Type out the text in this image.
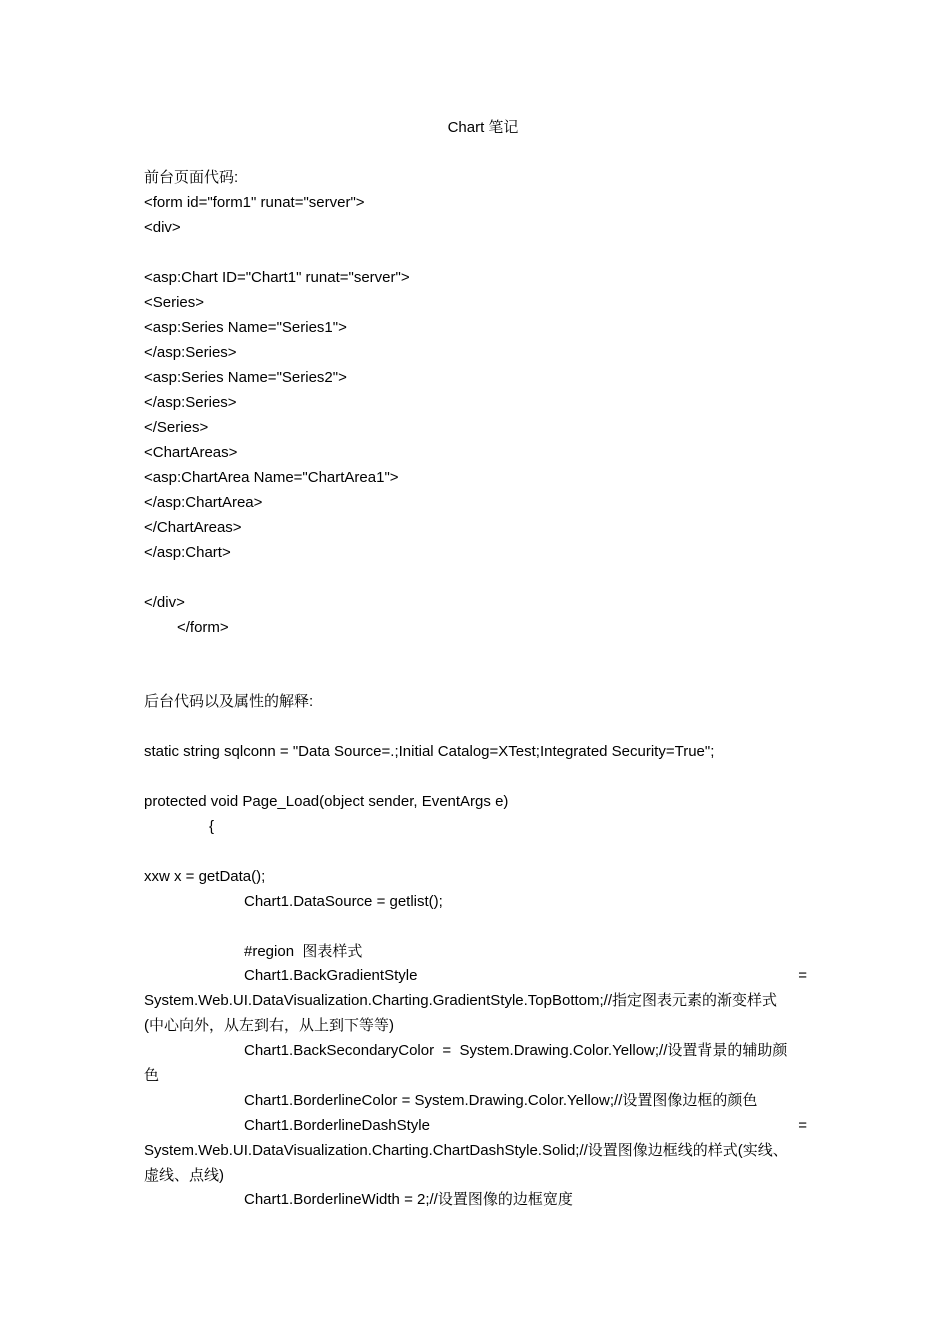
Chart 笔记
前台页面代码:
<form id="form1" runat="server">
<div>
<asp:Chart ID="Chart1" runat="server">
<Series>
<asp:Series Name="Series1">
</asp:Series>
<asp:Series Name="Series2">
</asp:Series>
</Series>
<ChartAreas>
<asp:ChartArea Name="ChartArea1">
</asp:ChartArea>
</ChartAreas>
</asp:Chart>
</div>
</form>
后台代码以及属性的解释:
static string sqlconn = "Data Source=.;Initial Catalog=XTest;Integrated Security=True";
protected void Page_Load(object sender, EventArgs e)
{
xxw x = getData();
Chart1.DataSource = getlist();
#region  图表样式
Chart1.BackGradientStyle	=
System.Web.UI.DataVisualization.Charting.GradientStyle.TopBottom;//指定图表元素的渐变样式
(中心向外，从左到右，从上到下等等)
Chart1.BackSecondaryColor  =  System.Drawing.Color.Yellow;//设置背景的辅助颜
色
Chart1.BorderlineColor = System.Drawing.Color.Yellow;//设置图像边框的颜色
Chart1.BorderlineDashStyle	=
System.Web.UI.DataVisualization.Charting.ChartDashStyle.Solid;//设置图像边框线的样式(实线、
虚线、点线)
Chart1.BorderlineWidth = 2;//设置图像的边框宽度
